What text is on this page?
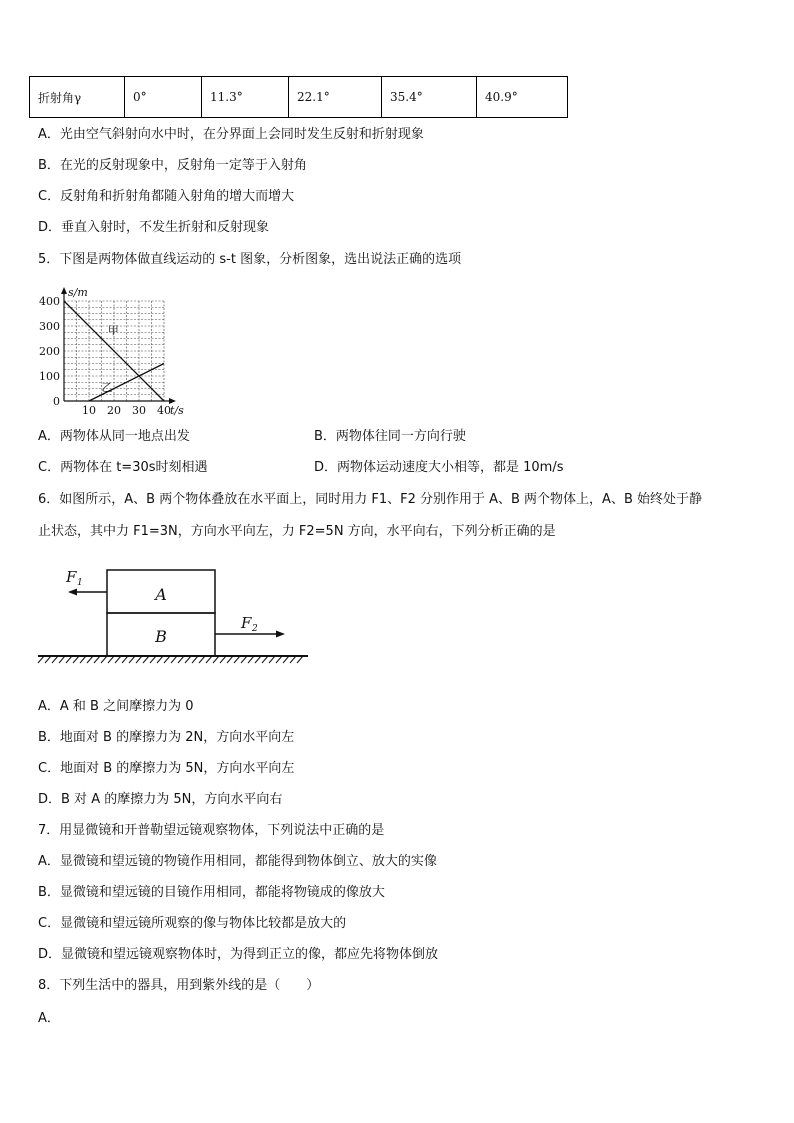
折射角γ	0°	11.3°	22.1°	35.4°	40.9°
A．光由空气斜射向水中时，在分界面上会同时发生反射和折射现象
B．在光的反射现象中，反射角一定等于入射角
C．反射角和折射角都随入射角的增大而增大
D．垂直入射时，不发生折射和反射现象
5．下图是两物体做直线运动的 s-t 图象，分析图象，选出说法正确的选项
甲
乙
0
100
200
300
400
10 20 30 40
s/m
t/s
A．两物体从同一地点出发	B．两物体往同一方向行驶
C．两物体在 t=30s时刻相遇	D．两物体运动速度大小相等，都是 10m/s
6．如图所示，A、B 两个物体叠放在水平面上，同时用力 F1、F2 分别作用于 A、B 两个物体上，A、B 始终处于静
止状态，其中力 F1=3N，方向水平向左，力 F2=5N 方向，水平向右，下列分析正确的是
A
B
F 1
F 2
A．A 和 B 之间摩擦力为 0
B．地面对 B 的摩擦力为 2N，方向水平向左
C．地面对 B 的摩擦力为 5N，方向水平向左
D．B 对 A 的摩擦力为 5N，方向水平向右
7．用显微镜和开普勒望远镜观察物体，下列说法中正确的是
A．显微镜和望远镜的物镜作用相同，都能得到物体倒立、放大的实像
B．显微镜和望远镜的目镜作用相同，都能将物镜成的像放大
C．显微镜和望远镜所观察的像与物体比较都是放大的
D．显微镜和望远镜观察物体时，为得到正立的像，都应先将物体倒放
8．下列生活中的器具，用到紫外线的是（　　）
A．
